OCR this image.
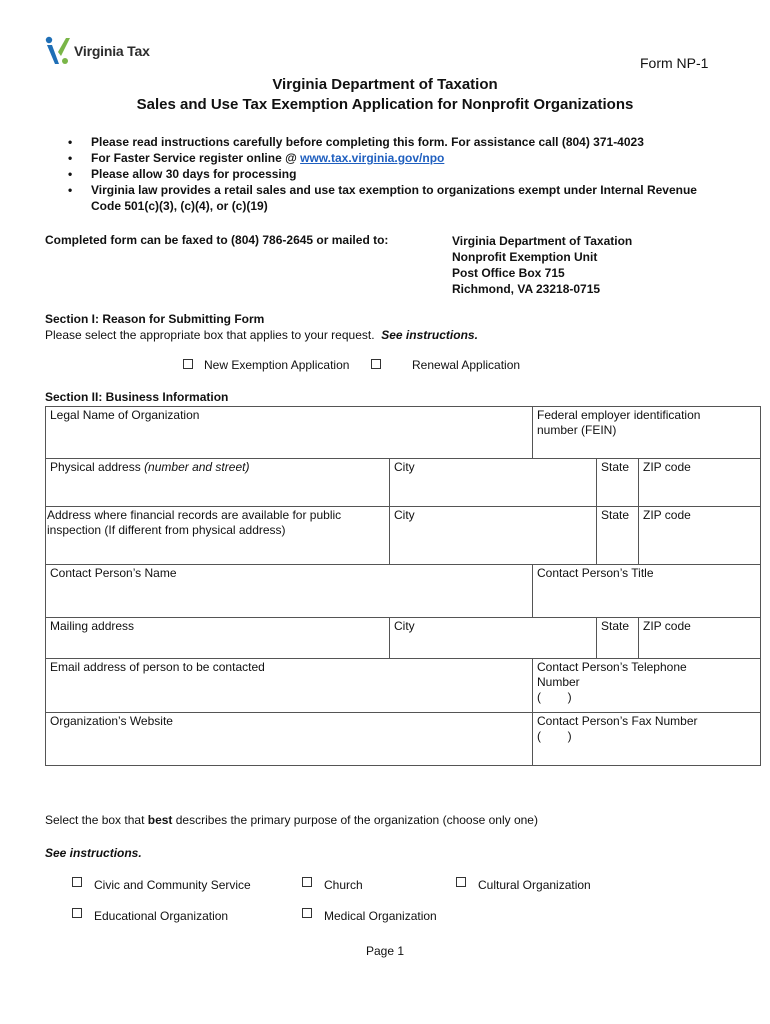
Virginia Tax
Form NP-1
Virginia Department of Taxation
Sales and Use Tax Exemption Application for Nonprofit Organizations
•	Please read instructions carefully before completing this form. For assistance call (804) 371-4023
•	For Faster Service register online @ www.tax.virginia.gov/npo
•	Please allow 30 days for processing
•	Virginia law provides a retail sales and use tax exemption to organizations exempt under Internal Revenue
Code 501(c)(3), (c)(4), or (c)(19)
Completed form can be faxed to (804) 786-2645 or mailed to:	Virginia Department of Taxation
Nonprofit Exemption Unit
Post Office Box 715
Richmond, VA 23218-0715
Section I: Reason for Submitting Form
Please select the appropriate box that applies to your request. See instructions.
New Exemption Application	Renewal Application
Section II: Business Information
Legal Name of Organization	Federal employer identification
number (FEIN)
Physical address (number and street)	City	State	ZIP code
Address where financial records are available for public
inspection (If different from physical address)
City	State	ZIP code
Contact Person’s Name	Contact Person’s Title
Mailing address	City	State	ZIP code
Email address of person to be contacted	Contact Person’s Telephone
Number
(        )
Organization’s Website	Contact Person’s Fax Number
(        )
Select the box that best describes the primary purpose of the organization (choose only one)
See instructions.
Civic and Community Service	Church	Cultural Organization
Educational Organization	Medical Organization
Page 1
